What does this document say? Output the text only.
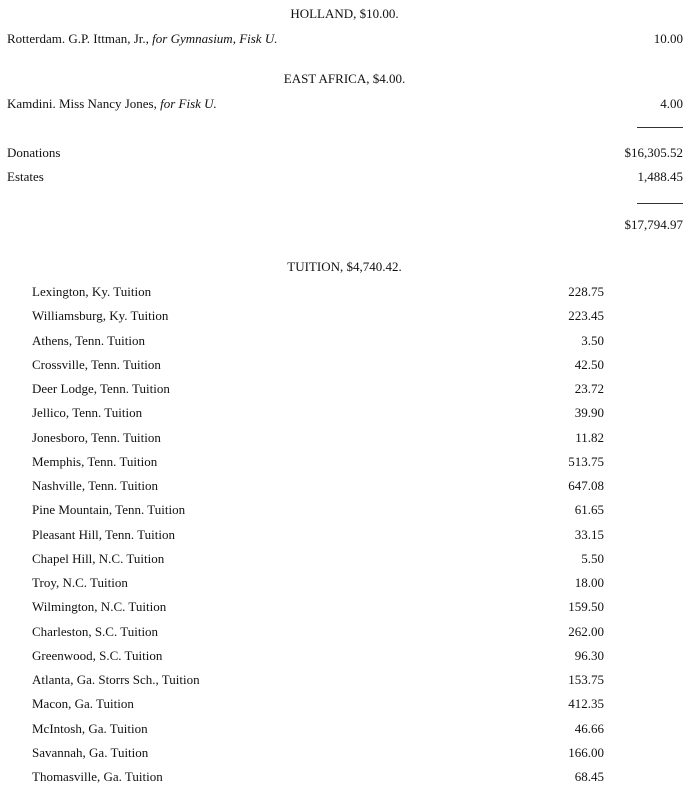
HOLLAND, $10.00.
Rotterdam. G.P. Ittman, Jr., for Gymnasium, Fisk U.	10.00
EAST AFRICA, $4.00.
Kamdini. Miss Nancy Jones, for Fisk U.	4.00
Donations	$16,305.52
Estates	1,488.45
$17,794.97
TUITION, $4,740.42.
Lexington, Ky. Tuition	228.75
Williamsburg, Ky. Tuition	223.45
Athens, Tenn. Tuition	3.50
Crossville, Tenn. Tuition	42.50
Deer Lodge, Tenn. Tuition	23.72
Jellico, Tenn. Tuition	39.90
Jonesboro, Tenn. Tuition	11.82
Memphis, Tenn. Tuition	513.75
Nashville, Tenn. Tuition	647.08
Pine Mountain, Tenn. Tuition	61.65
Pleasant Hill, Tenn. Tuition	33.15
Chapel Hill, N.C. Tuition	5.50
Troy, N.C. Tuition	18.00
Wilmington, N.C. Tuition	159.50
Charleston, S.C. Tuition	262.00
Greenwood, S.C. Tuition	96.30
Atlanta, Ga. Storrs Sch., Tuition	153.75
Macon, Ga. Tuition	412.35
McIntosh, Ga. Tuition	46.66
Savannah, Ga. Tuition	166.00
Thomasville, Ga. Tuition	68.45
